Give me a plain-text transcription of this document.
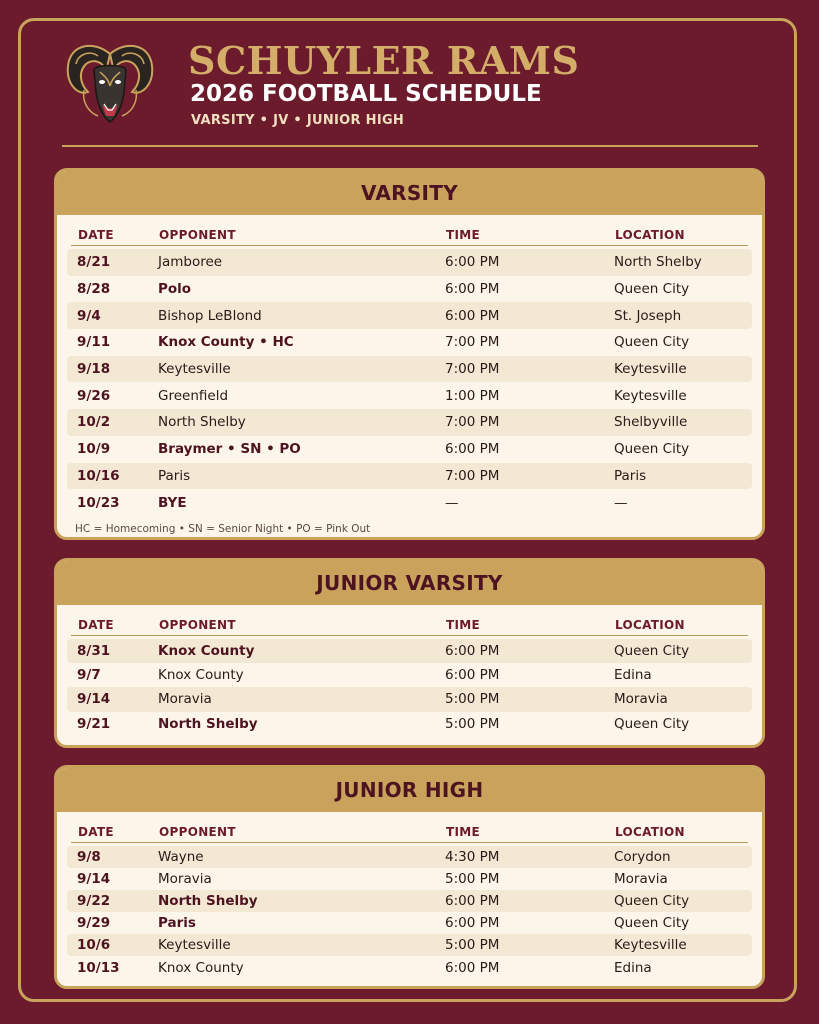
SCHUYLER RAMS
2026 FOOTBALL SCHEDULE
VARSITY • JV • JUNIOR HIGH
VARSITY
DATE	OPPONENT	TIME	LOCATION
8/21	Jamboree	6:00 PM	North Shelby
8/28	Polo	6:00 PM	Queen City
9/4	Bishop LeBlond	6:00 PM	St. Joseph
9/11	Knox County • HC	7:00 PM	Queen City
9/18	Keytesville	7:00 PM	Keytesville
9/26	Greenfield	1:00 PM	Keytesville
10/2	North Shelby	7:00 PM	Shelbyville
10/9	Braymer • SN • PO	6:00 PM	Queen City
10/16	Paris	7:00 PM	Paris
10/23	BYE	—	—
HC = Homecoming • SN = Senior Night • PO = Pink Out
JUNIOR VARSITY
DATE	OPPONENT	TIME	LOCATION
8/31	Knox County	6:00 PM	Queen City
9/7	Knox County	6:00 PM	Edina
9/14	Moravia	5:00 PM	Moravia
9/21	North Shelby	5:00 PM	Queen City
JUNIOR HIGH
DATE	OPPONENT	TIME	LOCATION
9/8	Wayne	4:30 PM	Corydon
9/14	Moravia	5:00 PM	Moravia
9/22	North Shelby	6:00 PM	Queen City
9/29	Paris	6:00 PM	Queen City
10/6	Keytesville	5:00 PM	Keytesville
10/13	Knox County	6:00 PM	Edina
